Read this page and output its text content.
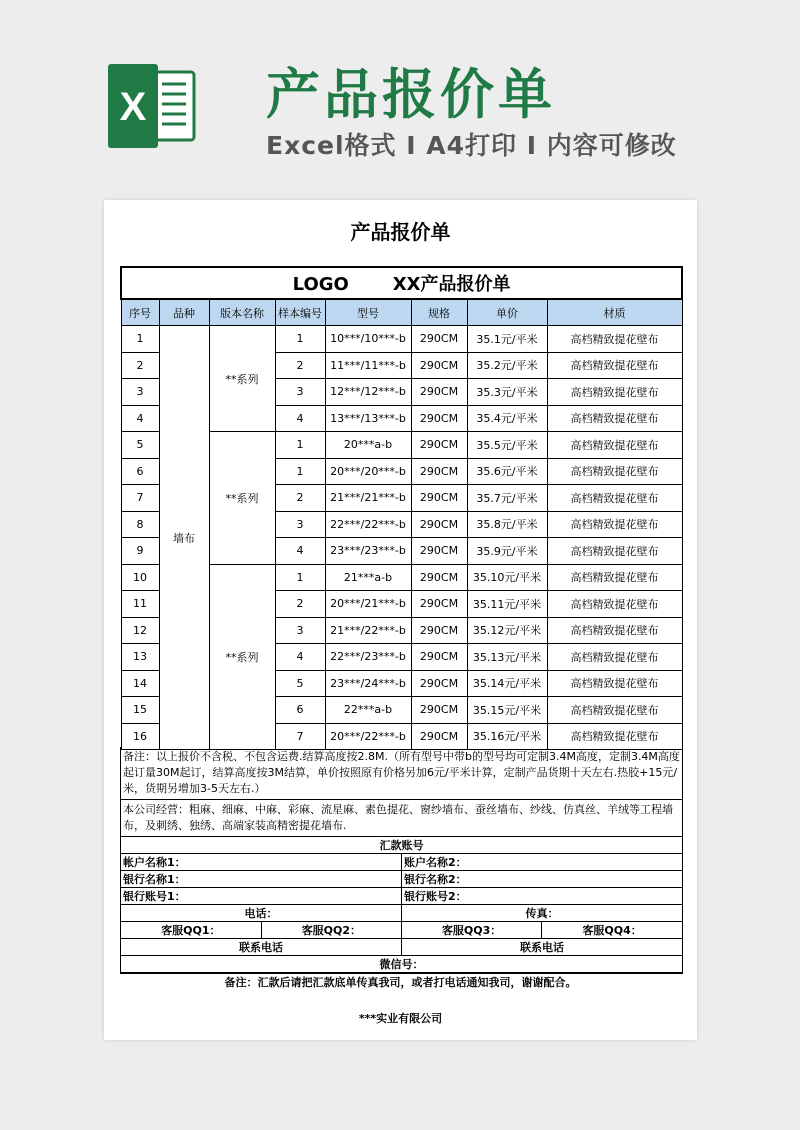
X 产品报价单
Excel格式 I A4打印 I 内容可修改
产品报价单
LOGO       XX产品报价单							
序号	品种	版本名称	样本编号	型号	规格	单价	材质
1	墙布	**系列	1	10***/10***-b	290CM	35.1元/平米	高档精致提花壁布
2			2	11***/11***-b	290CM	35.2元/平米	高档精致提花壁布
3			3	12***/12***-b	290CM	35.3元/平米	高档精致提花壁布
4			4	13***/13***-b	290CM	35.4元/平米	高档精致提花壁布
5		**系列	1	20***a-b	290CM	35.5元/平米	高档精致提花壁布
6			1	20***/20***-b	290CM	35.6元/平米	高档精致提花壁布
7			2	21***/21***-b	290CM	35.7元/平米	高档精致提花壁布
8			3	22***/22***-b	290CM	35.8元/平米	高档精致提花壁布
9			4	23***/23***-b	290CM	35.9元/平米	高档精致提花壁布
10		**系列	1	21***a-b	290CM	35.10元/平米	高档精致提花壁布
11			2	20***/21***-b	290CM	35.11元/平米	高档精致提花壁布
12			3	21***/22***-b	290CM	35.12元/平米	高档精致提花壁布
13			4	22***/23***-b	290CM	35.13元/平米	高档精致提花壁布
14			5	23***/24***-b	290CM	35.14元/平米	高档精致提花壁布
15			6	22***a-b	290CM	35.15元/平米	高档精致提花壁布
16			7	20***/22***-b	290CM	35.16元/平米	高档精致提花壁布
备注：以上报价不含税、不包含运费.结算高度按2.8M.（所有型号中带b的型号均可定制3.4M高度，定制3.4M高度起订量30M起订，结算高度按3M结算，单价按照原有价格另加6元/平米计算，定制产品货期十天左右.热胶+15元/米，货期另增加3-5天左右.）
本公司经营：粗麻、细麻、中麻、彩麻、流星麻、素色提花、窗纱墙布、蚕丝墙布、纱线、仿真丝、羊绒等工程墙布，及刺绣、独绣、高端家装高精密提花墙布.
汇款账号			
帐户名称1：		账户名称2：	
银行名称1：		银行名称2：	
银行账号1：		银行账号2：	
电话：		传真：	
客服QQ1：	客服QQ2：	客服QQ3：	客服QQ4：
联系电话		联系电话	
微信号：			
备注：汇款后请把汇款底单传真我司，或者打电话通知我司，谢谢配合。
***实业有限公司
